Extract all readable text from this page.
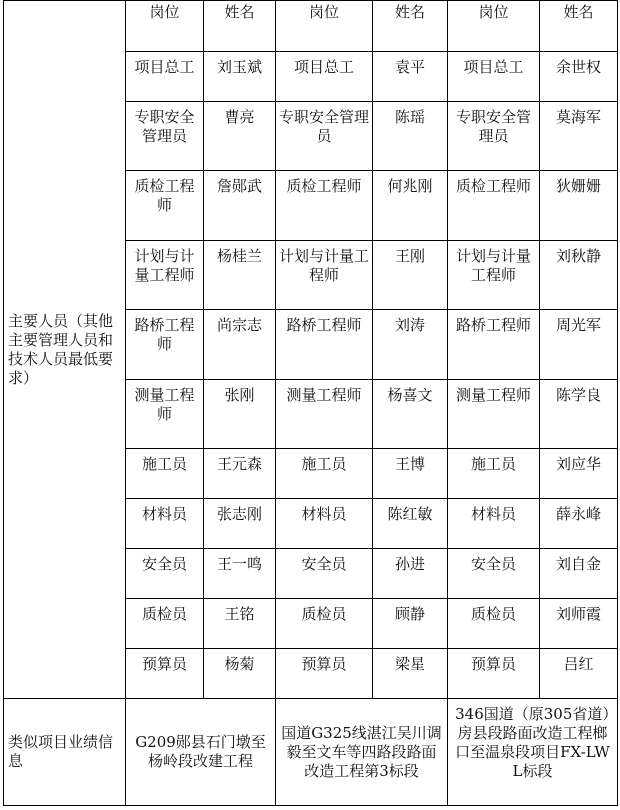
主要人员（其他主要管理人员和技术人员最低要求）	岗位	姓名	岗位	姓名	岗位	姓名
	项目总工	刘玉斌	项目总工	袁平	项目总工	余世权
	专职安全管理员	曹亮	专职安全管理员	陈瑶	专职安全管理员	莫海军
	质检工程师	詹郧武	质检工程师	何兆刚	质检工程师	狄姗姗
	计划与计量工程师	杨桂兰	计划与计量工程师	王刚	计划与计量工程师	刘秋静
	路桥工程师	尚宗志	路桥工程师	刘涛	路桥工程师	周光军
	测量工程师	张刚	测量工程师	杨喜文	测量工程师	陈学良
	施工员	王元森	施工员	王博	施工员	刘应华
	材料员	张志刚	材料员	陈红敏	材料员	薛永峰
	安全员	王一鸣	安全员	孙进	安全员	刘自金
	质检员	王铭	质检员	顾静	质检员	刘师霞
	预算员	杨菊	预算员	梁星	预算员	吕红
类似项目业绩信息	G209郧县石门墩至杨岭段改建工程		国道G325线湛江吴川调毅至文车等四路段路面改造工程第3标段		346国道（原305省道）房县段路面改造工程榔口至温泉段项目FX-LWL标段	
